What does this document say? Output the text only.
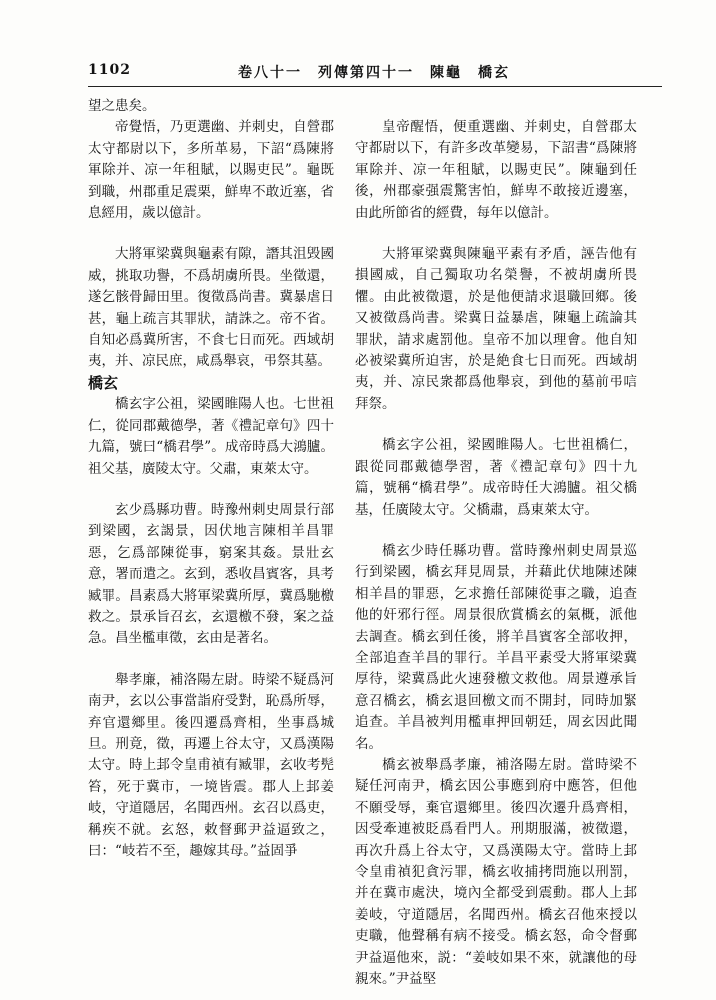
1102	卷八十一　列傳第四十一　陳龜　橋玄

望之患矣。

帝覺悟，乃更選幽、并刺史，自營郡太守都尉以下，多所革易，下詔“爲陳將軍除并、凉一年租賦，以賜吏民”。龜既到職，州郡重足震栗，鮮卑不敢近塞，省息經用，歲以億計。

大將軍梁冀與龜素有隙，譖其沮毁國威，挑取功譽，不爲胡虜所畏。坐徵還，遂乞骸骨歸田里。復徵爲尚書。冀暴虐日甚，龜上疏言其罪狀，請誅之。帝不省。自知必爲冀所害，不食七日而死。西域胡夷，并、凉民庶，咸爲舉哀，弔祭其墓。

橋玄

橋玄字公祖，梁國睢陽人也。七世祖仁，從同郡戴德學，著《禮記章句》四十九篇，號曰“橋君學”。成帝時爲大鴻臚。祖父基，廣陵太守。父肅，東萊太守。

玄少爲縣功曹。時豫州刺史周景行部到梁國，玄謁景，因伏地言陳相羊昌罪惡，乞爲部陳從事，窮案其姦。景壯玄意，署而遣之。玄到，悉收昌賓客，具考臧罪。昌素爲大將軍梁冀所厚，冀爲馳檄救之。景承旨召玄，玄還檄不發，案之益急。昌坐檻車徵，玄由是著名。

舉孝廉，補洛陽左尉。時梁不疑爲河南尹，玄以公事當詣府受對，恥爲所辱，弃官還鄉里。後四遷爲齊相，坐事爲城旦。刑竟，徵，再遷上谷太守，又爲漢陽太守。時上邽令皇甫禎有臧罪，玄收考髡笞，死于冀市，一境皆震。郡人上邽姜岐，守道隱居，名聞西州。玄召以爲吏，稱疾不就。玄怒，敕督郵尹益逼致之，曰：“岐若不至，趣嫁其母。”益固爭

皇帝醒悟，便重選幽、并刺史，自營郡太守都尉以下，有許多改革變易，下詔書“爲陳將軍除并、凉一年租賦，以賜吏民”。陳龜到任後，州郡豪强震驚害怕，鮮卑不敢接近邊塞，由此所節省的經費，每年以億計。

大將軍梁冀與陳龜平素有矛盾，誣告他有損國威，自己獨取功名榮譽，不被胡虜所畏懼。由此被徵還，於是他便請求退職回鄉。後又被徵爲尚書。梁冀日益暴虐，陳龜上疏論其罪狀，請求處罰他。皇帝不加以理會。他自知必被梁冀所迫害，於是絶食七日而死。西域胡夷，并、凉民衆都爲他舉哀，到他的墓前弔唁拜祭。

橋玄字公祖，梁國睢陽人。七世祖橋仁，跟從同郡戴德學習，著《禮記章句》四十九篇，號稱“橋君學”。成帝時任大鴻臚。祖父橋基，任廣陵太守。父橋肅，爲東萊太守。

橋玄少時任縣功曹。當時豫州刺史周景巡行到梁國，橋玄拜見周景，并藉此伏地陳述陳相羊昌的罪惡，乞求擔任部陳從事之職，追查他的奸邪行徑。周景很欣賞橋玄的氣概，派他去調查。橋玄到任後，將羊昌賓客全部收押，全部追查羊昌的罪行。羊昌平素受大將軍梁冀厚待，梁冀爲此火速發檄文救他。周景遵承旨意召橋玄，橋玄退回檄文而不開封，同時加緊追查。羊昌被判用檻車押回朝廷，周玄因此聞名。

橋玄被舉爲孝廉，補洛陽左尉。當時梁不疑任河南尹，橋玄因公事應到府中應答，但他不願受辱，棄官還鄉里。後四次遷升爲齊相，因受牽連被貶爲看門人。刑期服滿，被徵還，再次升爲上谷太守，又爲漢陽太守。當時上邽令皇甫禎犯貪污罪，橋玄收捕拷問施以刑罰，并在冀市處決，境內全都受到震動。郡人上邽姜岐，守道隱居，名聞西州。橋玄召他來授以吏職，他聲稱有病不接受。橋玄怒，命令督郵尹益逼他來，説：“姜岐如果不來，就讓他的母親來。”尹益堅
